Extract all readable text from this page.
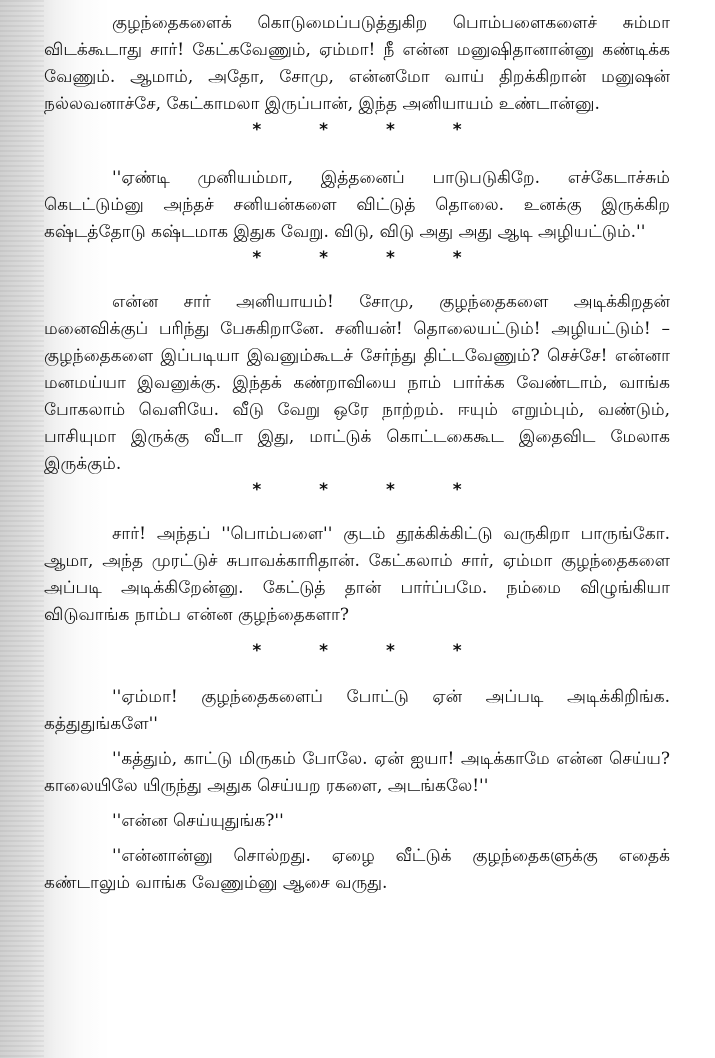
குழந்தைகளைக் கொடுமைப்படுத்துகிற பொம்பளைகளைச் சும்மா விடக்கூடாது சார்! கேட்கவேணும், ஏம்மா! நீ என்ன மனுஷிதானான்னு கண்டிக்க வேணும். ஆமாம், அதோ, சோமு, என்னமோ வாய் திறக்கிறான் மனுஷன் நல்லவனாச்சே, கேட்காமலா இருப்பான், இந்த அனியாயம் உண்டான்னு.

* * * *

''ஏண்டி முனியம்மா, இத்தனைப் பாடுபடுகிறே. எச்கேடாச்சும் கெடட்டும்னு அந்தச் சனியன்களை விட்டுத் தொலை. உனக்கு இருக்கிற கஷ்டத்தோடு கஷ்டமாக இதுக வேறு. விடு, விடு அது அது ஆடி அழியட்டும்.''

* * * *

என்ன சார் அனியாயம்! சோமு, குழந்தைகளை அடிக்கிறதன் மனைவிக்குப் பரிந்து பேசுகிறானே. சனியன்! தொலையட்டும்! அழியட்டும்! – குழந்தைகளை இப்படியா இவனும்கூடச் சேர்ந்து திட்டவேணும்? செச்சே! என்னா மனமய்யா இவனுக்கு. இந்தக் கண்றாவியை நாம் பார்க்க வேண்டாம், வாங்க போகலாம் வெளியே. வீடு வேறு ஒரே நாற்றம். ஈயும் எறும்பும், வண்டும், பாசியுமா இருக்கு வீடா இது, மாட்டுக் கொட்டகைகூட இதைவிட மேலாக இருக்கும்.

* * * *

சார்! அந்தப் ''பொம்பளை'' குடம் தூக்கிக்கிட்டு வருகிறா பாருங்கோ. ஆமா, அந்த முரட்டுச் சுபாவக்காரிதான். கேட்கலாம் சார், ஏம்மா குழந்தைகளை அப்படி அடிக்கிறேன்னு. கேட்டுத் தான் பார்ப்பமே. நம்மை விழுங்கியா விடுவாங்க நாம்ப என்ன குழந்தைகளா?

* * * *

''ஏம்மா! குழந்தைகளைப் போட்டு ஏன் அப்படி அடிக்கிறிங்க. கத்துதுங்களே''

''கத்தும், காட்டு மிருகம் போலே. ஏன் ஐயா! அடிக்காமே என்ன செய்ய? காலையிலே யிருந்து அதுக செய்யற ரகளை, அடங்கலே!''

''என்ன செய்யுதுங்க?''

''என்னான்னு சொல்றது. ஏழை வீட்டுக் குழந்தைகளுக்கு எதைக் கண்டாலும் வாங்க வேணும்னு ஆசை வருது.
